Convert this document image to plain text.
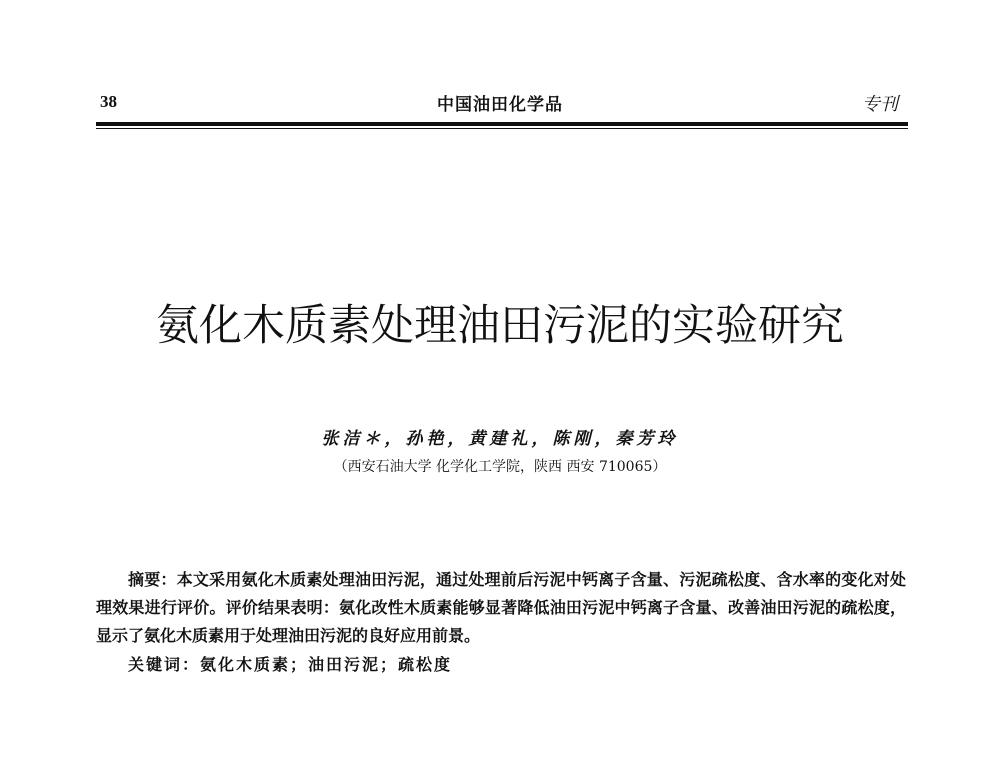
38	中国油田化学品	专刊
氨化木质素处理油田污泥的实验研究
张洁＊，孙艳，黄建礼，陈刚，秦芳玲
（西安石油大学 化学化工学院，陕西 西安 710065）
摘要：本文采用氨化木质素处理油田污泥，通过处理前后污泥中钙离子含量、污泥疏松度、含水率的变化对处理效果进行评价。评价结果表明：氨化改性木质素能够显著降低油田污泥中钙离子含量、改善油田污泥的疏松度，显示了氨化木质素用于处理油田污泥的良好应用前景。
关键词：氨化木质素；油田污泥；疏松度
